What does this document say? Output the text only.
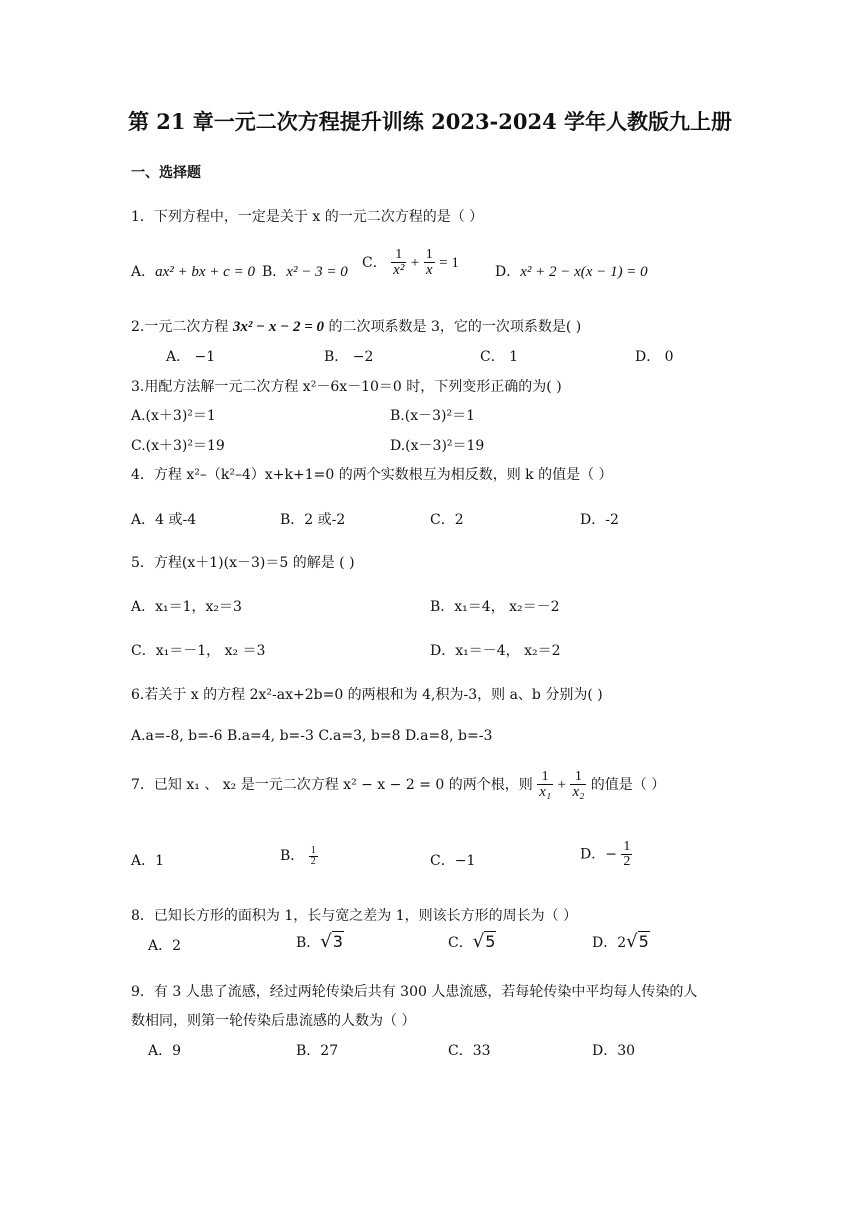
第 21 章一元二次方程提升训练 2023-2024 学年人教版九上册
一、选择题
1．下列方程中，一定是关于 x 的一元二次方程的是（ ）
A．ax² + bx + c = 0 B．x² − 3 = 0
C． $\frac{1}{\text{x²}} + \frac{1}{x} = 1$
D．x² + 2 − x(x − 1) = 0
2.一元二次方程 3x² − x − 2 = 0 的二次项系数是 3，它的一次项系数是( )
A． −1	B． −2	C． 1	D． 0
3.用配方法解一元二次方程 x²－6x－10＝0 时，下列变形正确的为( )
A.(x＋3)²＝1	B.(x－3)²＝1
C.(x＋3)²＝19	D.(x－3)²＝19
4．方程 x²–（k²–4）x+k+1=0 的两个实数根互为相反数，则 k 的值是（ ）
A．4 或-4	B．2 或-2	C．2	D．-2
5．方程(x＋1)(x－3)＝5 的解是 ( )
A．x₁＝1，x₂＝3	B．x₁＝4， x₂＝－2
C．x₁＝－1， x₂ ＝3	D．x₁＝－4， x₂＝2
6.若关于 x 的方程 2x²-ax+2b=0 的两根和为 4,积为-3，则 a、b 分别为( )
A.a=-8, b=-6 B.a=4, b=-3 C.a=3, b=8 D.a=8, b=-3
7．已知 x₁ 、 x₂ 是一元二次方程 x² − x − 2 = 0 的两个根，则 $\frac{1}{\text{x₁}} + \frac{1}{\text{x₂}}$ 的值是（ ）
A．1	B． $\frac{1}{2}$	C．−1	D．− $\frac{1}{2}$
8．已知长方形的面积为 1，长与宽之差为 1，则该长方形的周长为（ ）
A．2	B．√3	C．√5	D．2√5
9．有 3 人患了流感，经过两轮传染后共有 300 人患流感，若每轮传染中平均每人传染的人
数相同，则第一轮传染后患流感的人数为（ ）
A．9	B．27	C．33	D．30
